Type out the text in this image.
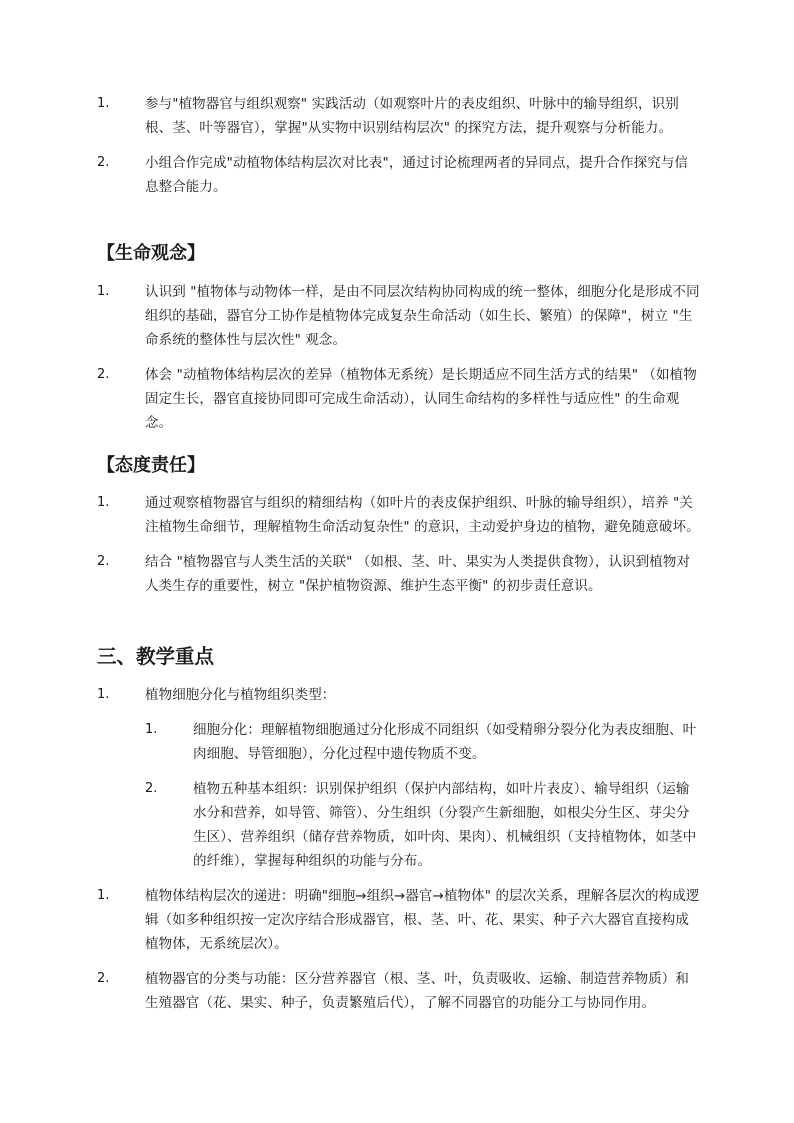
1.	参与"植物器官与组织观察" 实践活动（如观察叶片的表皮组织、叶脉中的输导组织，识别根、茎、叶等器官），掌握"从实物中识别结构层次" 的探究方法，提升观察与分析能力。
2.	小组合作完成"动植物体结构层次对比表"，通过讨论梳理两者的异同点，提升合作探究与信息整合能力。
【生命观念】
1.	认识到 "植物体与动物体一样，是由不同层次结构协同构成的统一整体，细胞分化是形成不同组织的基础，器官分工协作是植物体完成复杂生命活动（如生长、繁殖）的保障"，树立 "生命系统的整体性与层次性" 观念。
2.	体会 "动植物体结构层次的差异（植物体无系统）是长期适应不同生活方式的结果" （如植物固定生长，器官直接协同即可完成生命活动），认同生命结构的多样性与适应性" 的生命观念。
【态度责任】
1.	通过观察植物器官与组织的精细结构（如叶片的表皮保护组织、叶脉的输导组织），培养 "关注植物生命细节，理解植物生命活动复杂性" 的意识，主动爱护身边的植物，避免随意破坏。
2.	结合 "植物器官与人类生活的关联" （如根、茎、叶、果实为人类提供食物），认识到植物对人类生存的重要性，树立 "保护植物资源、维护生态平衡" 的初步责任意识。
三、教学重点
1.	植物细胞分化与植物组织类型：
1.	细胞分化：理解植物细胞通过分化形成不同组织（如受精卵分裂分化为表皮细胞、叶肉细胞、导管细胞），分化过程中遗传物质不变。
2.	植物五种基本组织：识别保护组织（保护内部结构，如叶片表皮）、输导组织（运输水分和营养，如导管、筛管）、分生组织（分裂产生新细胞，如根尖分生区、芽尖分生区）、营养组织（储存营养物质，如叶肉、果肉）、机械组织（支持植物体，如茎中的纤维），掌握每种组织的功能与分布。
1.	植物体结构层次的递进：明确"细胞→组织→器官→植物体" 的层次关系，理解各层次的构成逻辑（如多种组织按一定次序结合形成器官，根、茎、叶、花、果实、种子六大器官直接构成植物体，无系统层次）。
2.	植物器官的分类与功能：区分营养器官（根、茎、叶，负责吸收、运输、制造营养物质）和生殖器官（花、果实、种子，负责繁殖后代），了解不同器官的功能分工与协同作用。
